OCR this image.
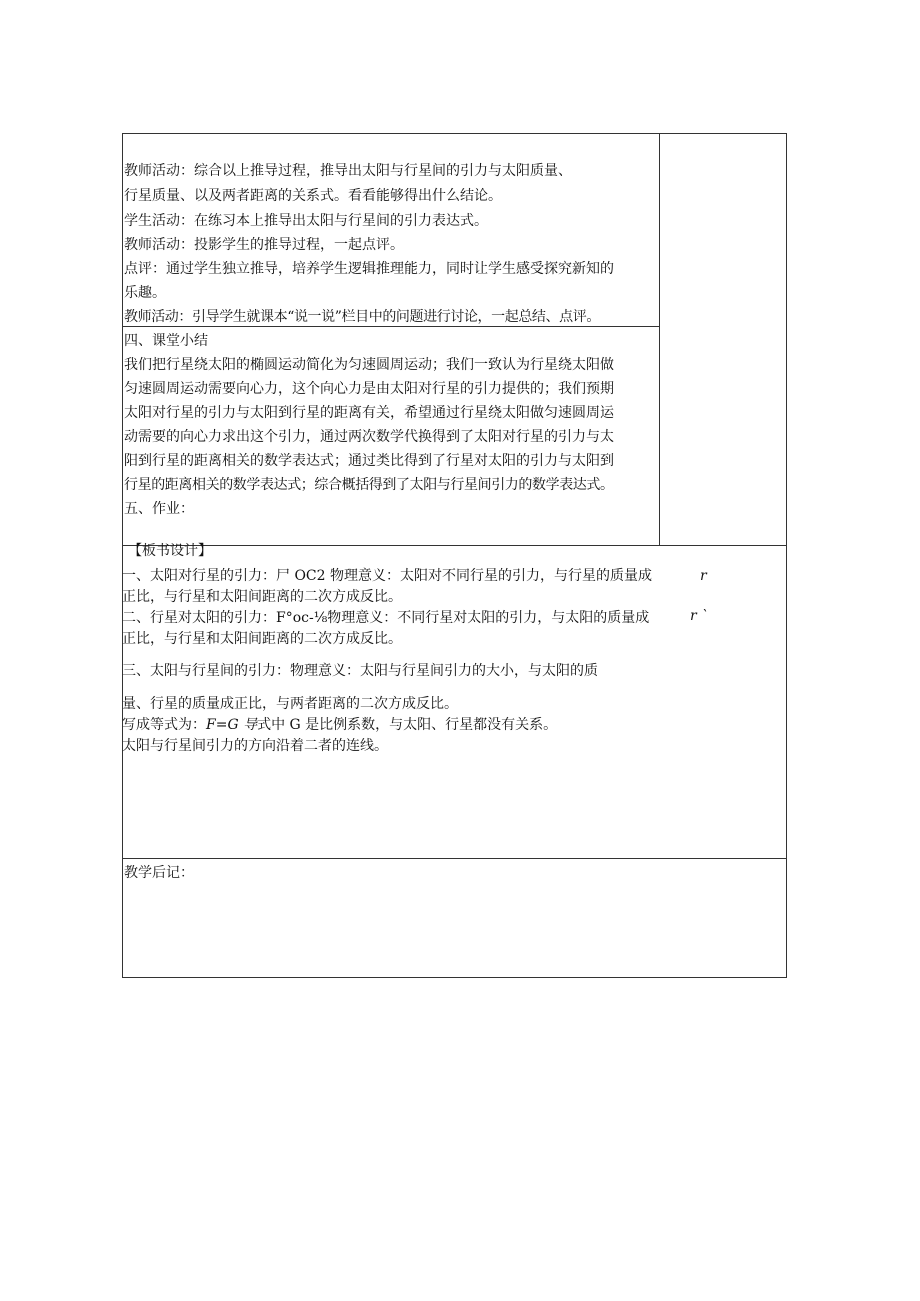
教师活动：综合以上推导过程，推导出太阳与行星间的引力与太阳质量、
行星质量、以及两者距离的关系式。看看能够得出什么结论。
学生活动：在练习本上推导出太阳与行星间的引力表达式。
教师活动：投影学生的推导过程，一起点评。
点评：通过学生独立推导，培养学生逻辑推理能力，同时让学生感受探究新知的
乐趣。
教师活动：引导学生就课本“说一说”栏目中的问题进行讨论，一起总结、点评。
四、课堂小结
我们把行星绕太阳的椭圆运动简化为匀速圆周运动；我们一致认为行星绕太阳做
匀速圆周运动需要向心力，这个向心力是由太阳对行星的引力提供的；我们预期
太阳对行星的引力与太阳到行星的距离有关，希望通过行星绕太阳做匀速圆周运
动需要的向心力求出这个引力，通过两次数学代换得到了太阳对行星的引力与太
阳到行星的距离相关的数学表达式；通过类比得到了行星对太阳的引力与太阳到
行星的距离相关的数学表达式；综合概括得到了太阳与行星间引力的数学表达式。
五、作业：
【板书设计】
一、太阳对行星的引力：尸 OC2 物理意义：太阳对不同行星的引力，与行星的质量成	r
正比，与行星和太阳间距离的二次方成反比。
二、行星对太阳的引力：F°oc-⅛物理意义：不同行星对太阳的引力，与太阳的质量成	r ˋ
正比，与行星和太阳间距离的二次方成反比。
三、太阳与行星间的引力：物理意义：太阳与行星间引力的大小，与太阳的质
量、行星的质量成正比，与两者距离的二次方成反比。
写成等式为：F=G 导式中 G 是比例系数，与太阳、行星都没有关系。
太阳与行星间引力的方向沿着二者的连线。
教学后记：
